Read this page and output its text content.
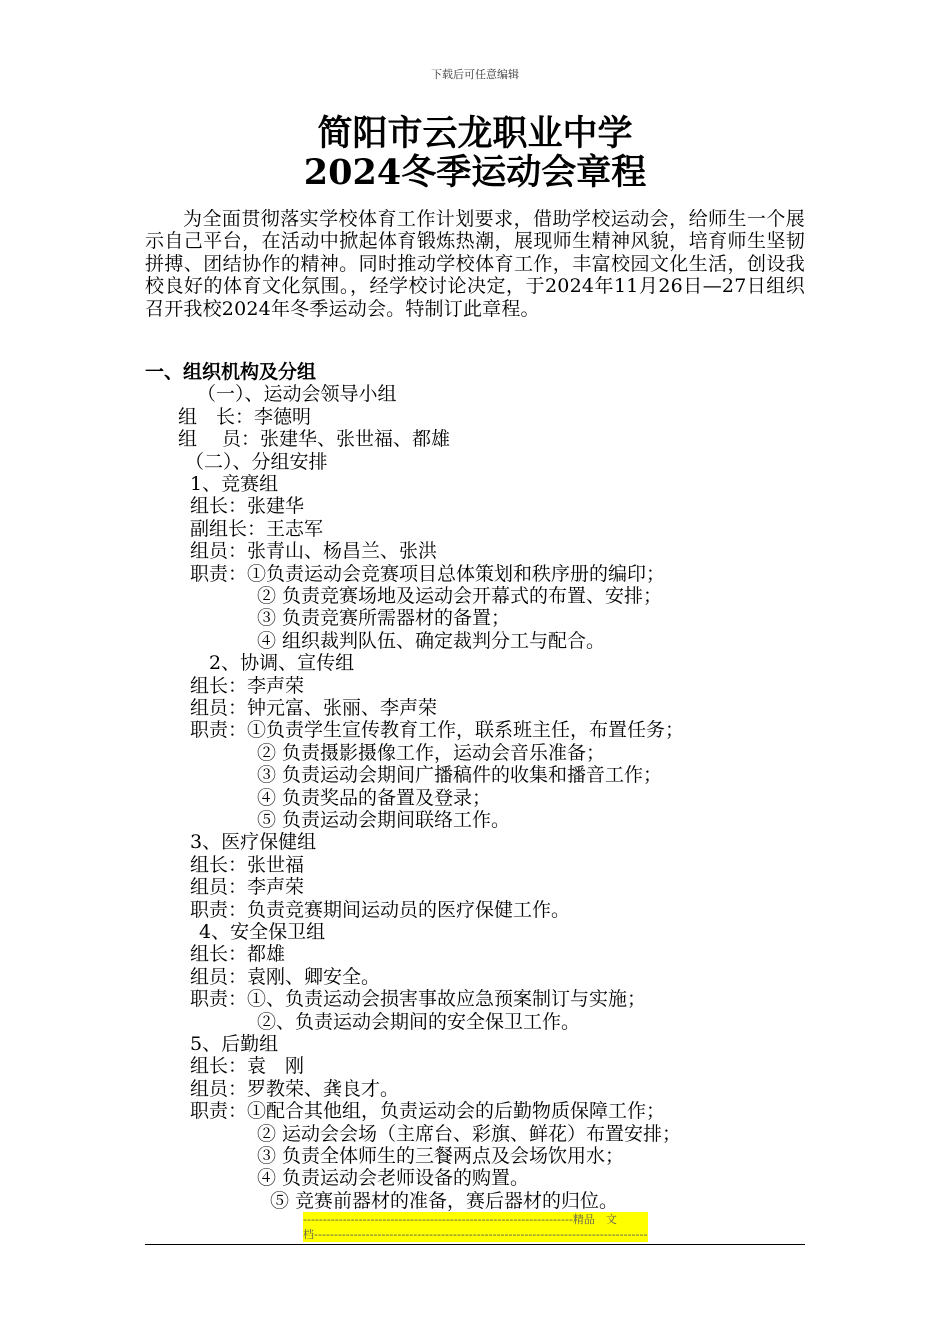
下载后可任意编辑
简阳市云龙职业中学
2024冬季运动会章程

为全面贯彻落实学校体育工作计划要求，借助学校运动会，给师生一个展示自己平台，在活动中掀起体育锻炼热潮，展现师生精神风貌，培育师生坚韧拼搏、团结协作的精神。同时推动学校体育工作，丰富校园文化生活，创设我校良好的体育文化氛围。，经学校讨论决定，于2024年11月26日—27日组织召开我校2024年冬季运动会。特制订此章程。

一、组织机构及分组
（一）、运动会领导小组
组　长：李德明
组　 员：张建华、张世福、都雄
（二）、分组安排
1、竞赛组
组长：张建华
副组长：王志军
组员：张青山、杨昌兰、张洪
职责：①负责运动会竞赛项目总体策划和秩序册的编印；
② 负责竞赛场地及运动会开幕式的布置、安排；
③ 负责竞赛所需器材的备置；
④ 组织裁判队伍、确定裁判分工与配合。
2、协调、宣传组
组长：李声荣
组员：钟元富、张丽、李声荣
职责：①负责学生宣传教育工作，联系班主任，布置任务；
② 负责摄影摄像工作，运动会音乐准备；
③ 负责运动会期间广播稿件的收集和播音工作；
④ 负责奖品的备置及登录；
⑤ 负责运动会期间联络工作。
3、医疗保健组
组长：张世福
组员：李声荣
职责：负责竞赛期间运动员的医疗保健工作。
4、安全保卫组
组长：都雄
组员：袁刚、卿安全。
职责：①、负责运动会损害事故应急预案制订与实施；
②、负责运动会期间的安全保卫工作。
5、后勤组
组长：袁　刚
组员：罗教荣、龚良才。
职责：①配合其他组，负责运动会的后勤物质保障工作；
② 运动会会场（主席台、彩旗、鲜花）布置安排；
③ 负责全体师生的三餐两点及会场饮用水；
④ 负责运动会老师设备的购置。
⑤ 竞赛前器材的准备，赛后器材的归位。
--------------------------------------------------------------------精品　文
档------------------------------------------------------------------------------------
